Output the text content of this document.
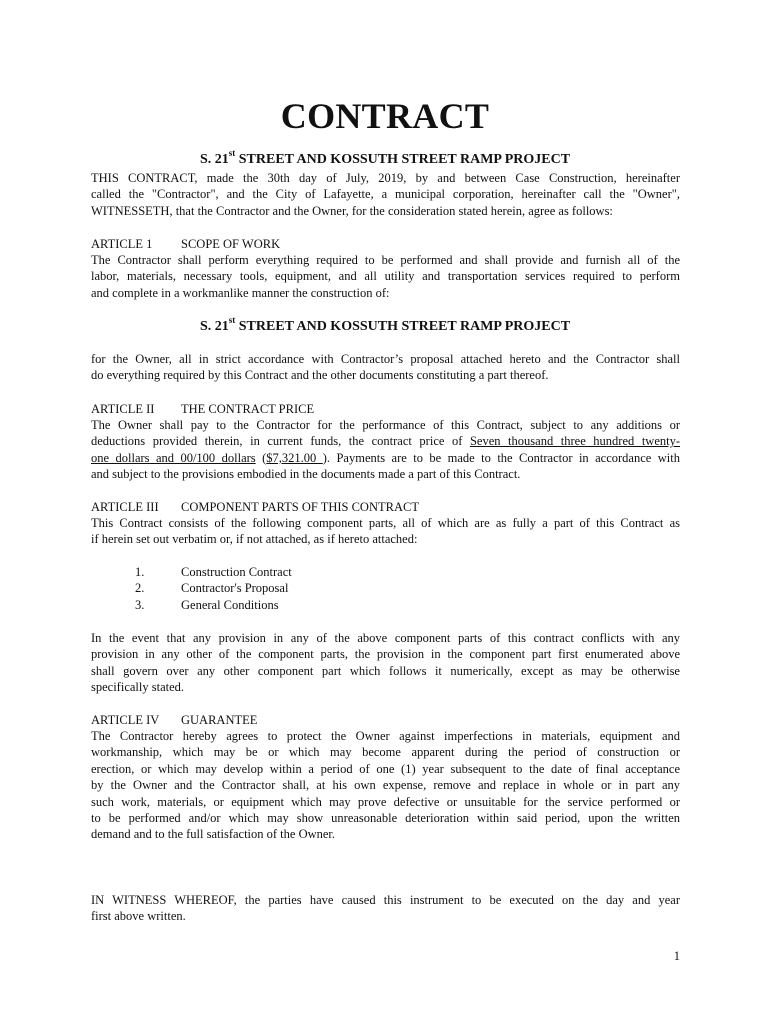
CONTRACT
S. 21st STREET AND KOSSUTH STREET RAMP PROJECT
THIS CONTRACT, made the 30th day of July, 2019, by and between Case Construction, hereinafter
called the "Contractor", and the City of Lafayette, a municipal corporation, hereinafter call the "Owner",
WITNESSETH, that the Contractor and the Owner, for the consideration stated herein, agree as follows:
ARTICLE 1 SCOPE OF WORK
The Contractor shall perform everything required to be performed and shall provide and furnish all of the
labor, materials, necessary tools, equipment, and all utility and transportation services required to perform
and complete in a workmanlike manner the construction of:
S. 21st STREET AND KOSSUTH STREET RAMP PROJECT
for the Owner, all in strict accordance with Contractor’s proposal attached hereto and the Contractor shall
do everything required by this Contract and the other documents constituting a part thereof.
ARTICLE II THE CONTRACT PRICE
The Owner shall pay to the Contractor for the performance of this Contract, subject to any additions or
deductions provided therein, in current funds, the contract price of Seven thousand three hundred twenty-
one dollars and 00/100 dollars ($7,321.00 ). Payments are to be made to the Contractor in accordance with
and subject to the provisions embodied in the documents made a part of this Contract.
ARTICLE III COMPONENT PARTS OF THIS CONTRACT
This Contract consists of the following component parts, all of which are as fully a part of this Contract as
if herein set out verbatim or, if not attached, as if hereto attached:
1.	Construction Contract
2.	Contractor's Proposal
3.	General Conditions
In the event that any provision in any of the above component parts of this contract conflicts with any
provision in any other of the component parts, the provision in the component part first enumerated above
shall govern over any other component part which follows it numerically, except as may be otherwise
specifically stated.
ARTICLE IV GUARANTEE
The Contractor hereby agrees to protect the Owner against imperfections in materials, equipment and
workmanship, which may be or which may become apparent during the period of construction or
erection, or which may develop within a period of one (1) year subsequent to the date of final acceptance
by the Owner and the Contractor shall, at his own expense, remove and replace in whole or in part any
such work, materials, or equipment which may prove defective or unsuitable for the service performed or
to be performed and/or which may show unreasonable deterioration within said period, upon the written
demand and to the full satisfaction of the Owner.
IN WITNESS WHEREOF, the parties have caused this instrument to be executed on the day and year
first above written.
1
